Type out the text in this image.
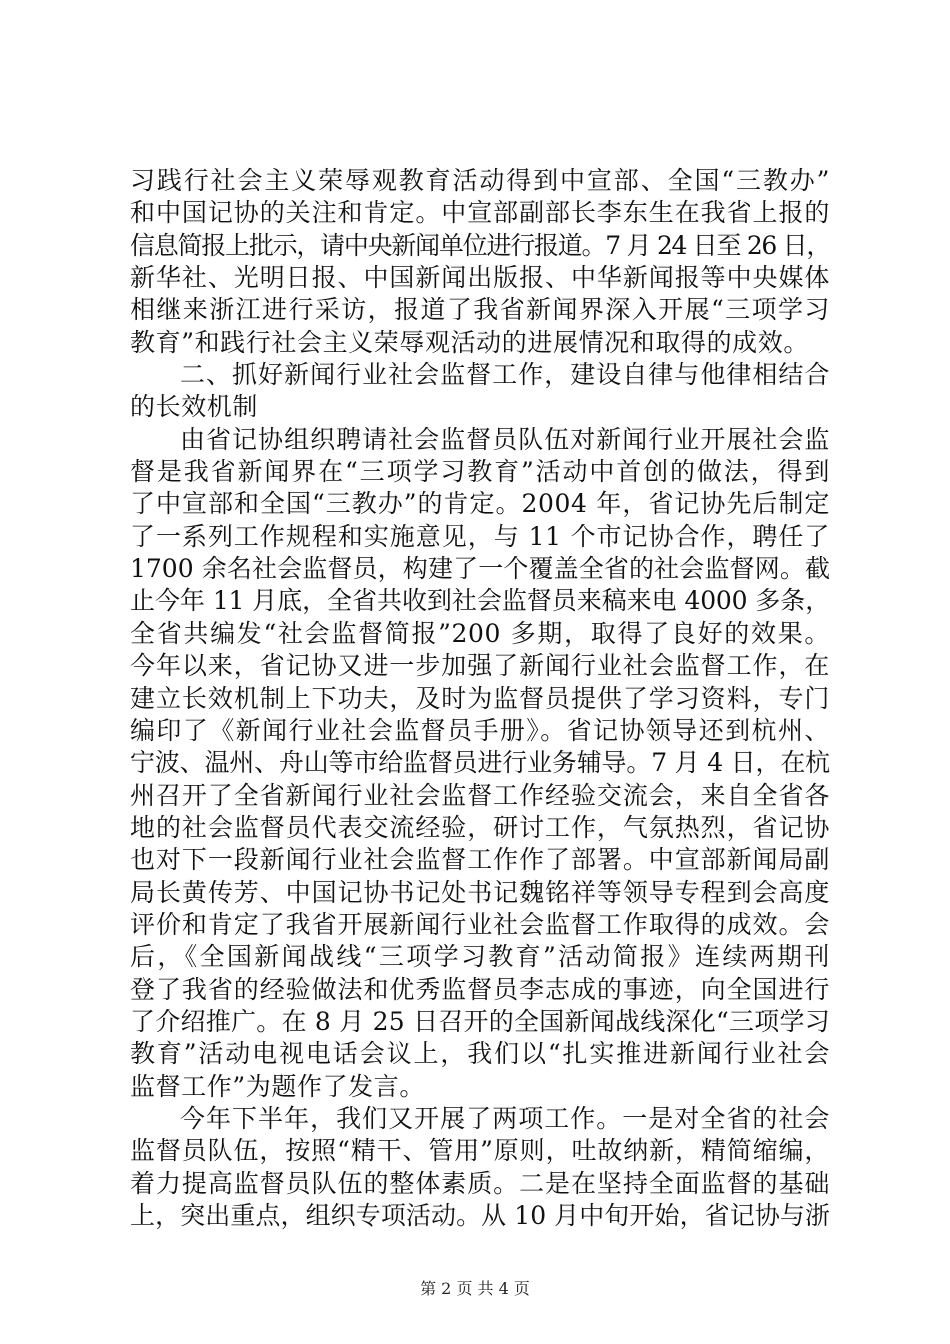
习践行社会主义荣辱观教育活动得到中宣部、全国“三教办”
和中国记协的关注和肯定。中宣部副部长李东生在我省上报的
信息简报上批示，请中央新闻单位进行报道。7 月 24 日至 26 日，
新华社、光明日报、中国新闻出版报、中华新闻报等中央媒体
相继来浙江进行采访，报道了我省新闻界深入开展“三项学习
教育”和践行社会主义荣辱观活动的进展情况和取得的成效。
二、抓好新闻行业社会监督工作，建设自律与他律相结合
的长效机制
由省记协组织聘请社会监督员队伍对新闻行业开展社会监
督是我省新闻界在“三项学习教育”活动中首创的做法，得到
了中宣部和全国“三教办”的肯定。2004 年，省记协先后制定
了一系列工作规程和实施意见，与 11 个市记协合作，聘任了
1700 余名社会监督员，构建了一个覆盖全省的社会监督网。截
止今年 11 月底，全省共收到社会监督员来稿来电 4000 多条，
全省共编发“社会监督简报”200 多期，取得了良好的效果。
今年以来，省记协又进一步加强了新闻行业社会监督工作，在
建立长效机制上下功夫，及时为监督员提供了学习资料，专门
编印了《新闻行业社会监督员手册》。省记协领导还到杭州、
宁波、温州、舟山等市给监督员进行业务辅导。7 月 4 日，在杭
州召开了全省新闻行业社会监督工作经验交流会，来自全省各
地的社会监督员代表交流经验，研讨工作，气氛热烈，省记协
也对下一段新闻行业社会监督工作作了部署。中宣部新闻局副
局长黄传芳、中国记协书记处书记魏铭祥等领导专程到会高度
评价和肯定了我省开展新闻行业社会监督工作取得的成效。会
后，《全国新闻战线“三项学习教育”活动简报》连续两期刊
登了我省的经验做法和优秀监督员李志成的事迹，向全国进行
了介绍推广。在 8 月 25 日召开的全国新闻战线深化“三项学习
教育”活动电视电话会议上，我们以“扎实推进新闻行业社会
监督工作”为题作了发言。
今年下半年，我们又开展了两项工作。一是对全省的社会
监督员队伍，按照“精干、管用”原则，吐故纳新，精简缩编，
着力提高监督员队伍的整体素质。二是在坚持全面监督的基础
上，突出重点，组织专项活动。从 10 月中旬开始，省记协与浙
第 2 页 共 4 页
